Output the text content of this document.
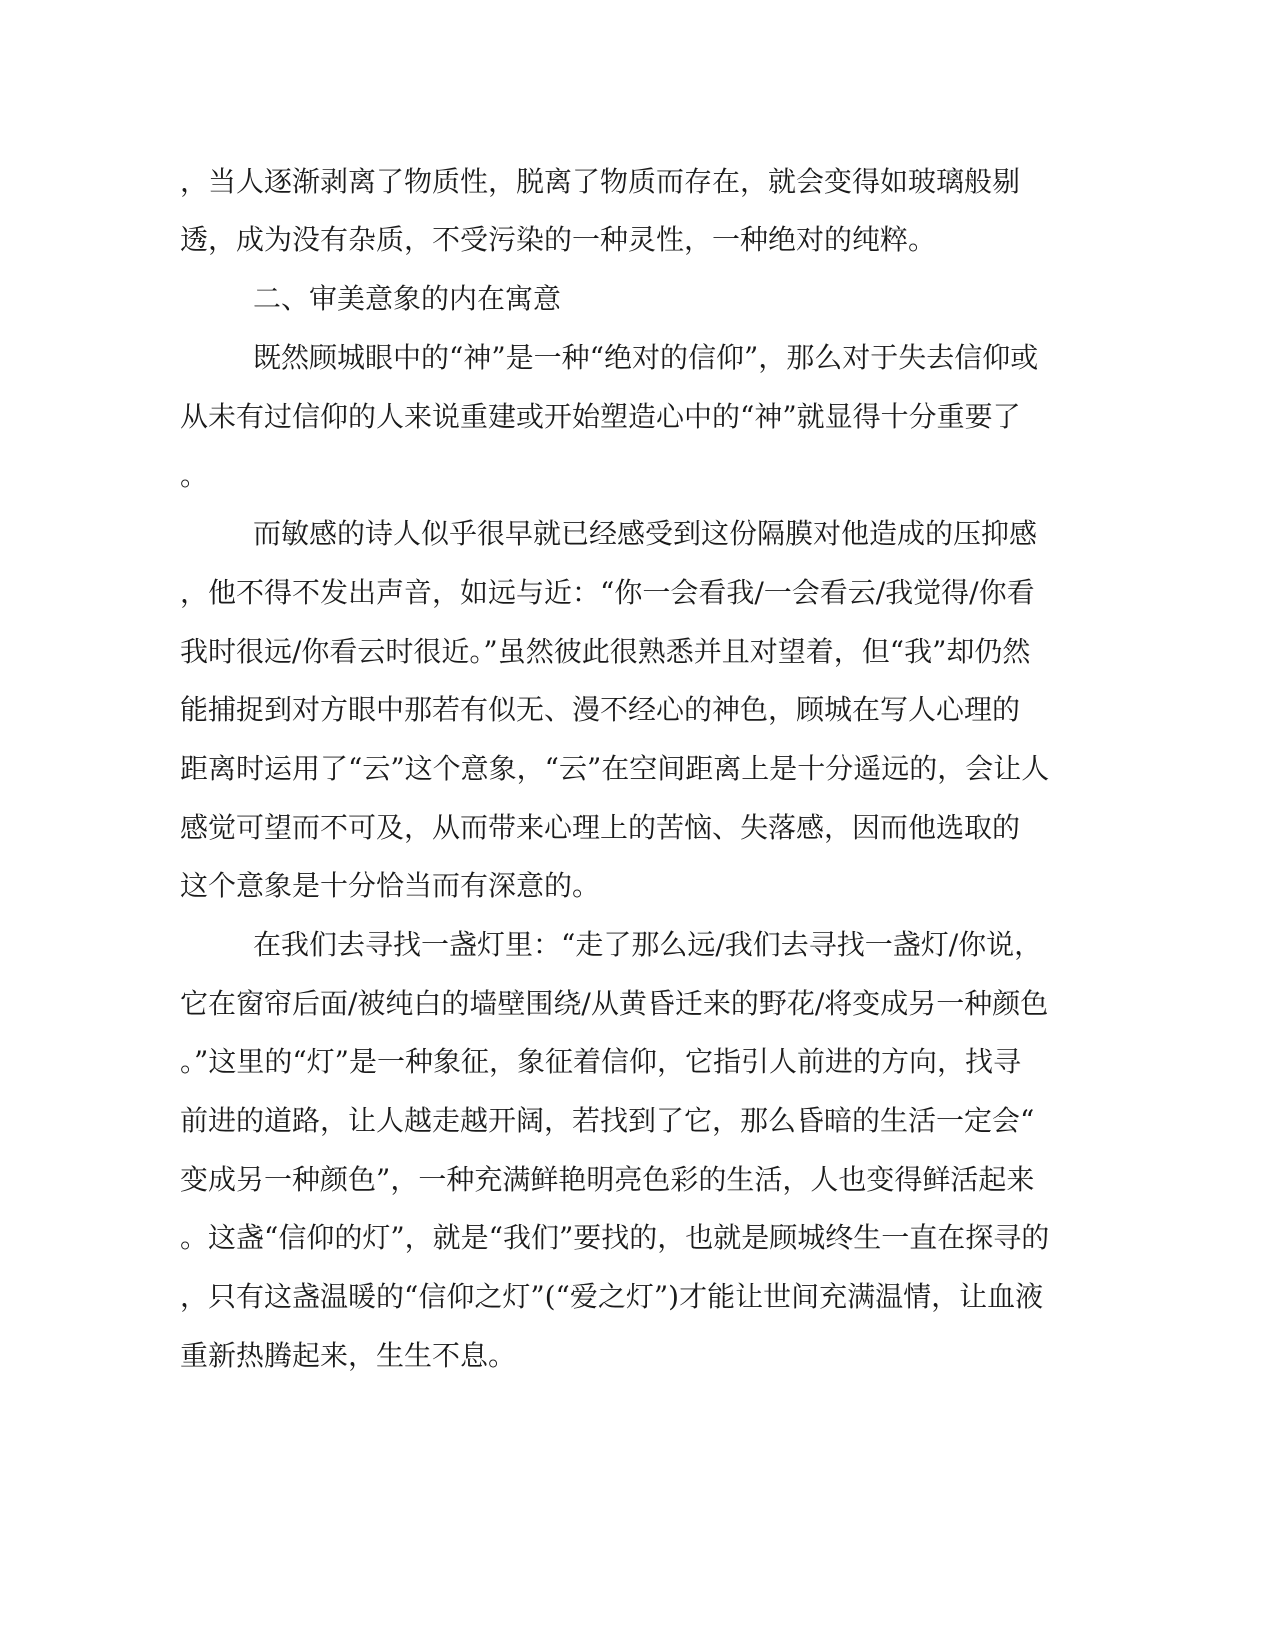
，当人逐渐剥离了物质性，脱离了物质而存在，就会变得如玻璃般剔
透，成为没有杂质，不受污染的一种灵性，一种绝对的纯粹。
二、审美意象的内在寓意
既然顾城眼中的“神”是一种“绝对的信仰”，那么对于失去信仰或
从未有过信仰的人来说重建或开始塑造心中的“神”就显得十分重要了
。
而敏感的诗人似乎很早就已经感受到这份隔膜对他造成的压抑感
，他不得不发出声音，如远与近：“你一会看我/一会看云/我觉得/你看
我时很远/你看云时很近。”虽然彼此很熟悉并且对望着，但“我”却仍然
能捕捉到对方眼中那若有似无、漫不经心的神色，顾城在写人心理的
距离时运用了“云”这个意象，“云”在空间距离上是十分遥远的，会让人
感觉可望而不可及，从而带来心理上的苦恼、失落感，因而他选取的
这个意象是十分恰当而有深意的。
在我们去寻找一盏灯里：“走了那么远/我们去寻找一盏灯/你说，
它在窗帘后面/被纯白的墙壁围绕/从黄昏迁来的野花/将变成另一种颜色
。”这里的“灯”是一种象征，象征着信仰，它指引人前进的方向，找寻
前进的道路，让人越走越开阔，若找到了它，那么昏暗的生活一定会“
变成另一种颜色”，一种充满鲜艳明亮色彩的生活，人也变得鲜活起来
。这盏“信仰的灯”，就是“我们”要找的，也就是顾城终生一直在探寻的
，只有这盏温暖的“信仰之灯”(“爱之灯”)才能让世间充满温情，让血液
重新热腾起来，生生不息。
